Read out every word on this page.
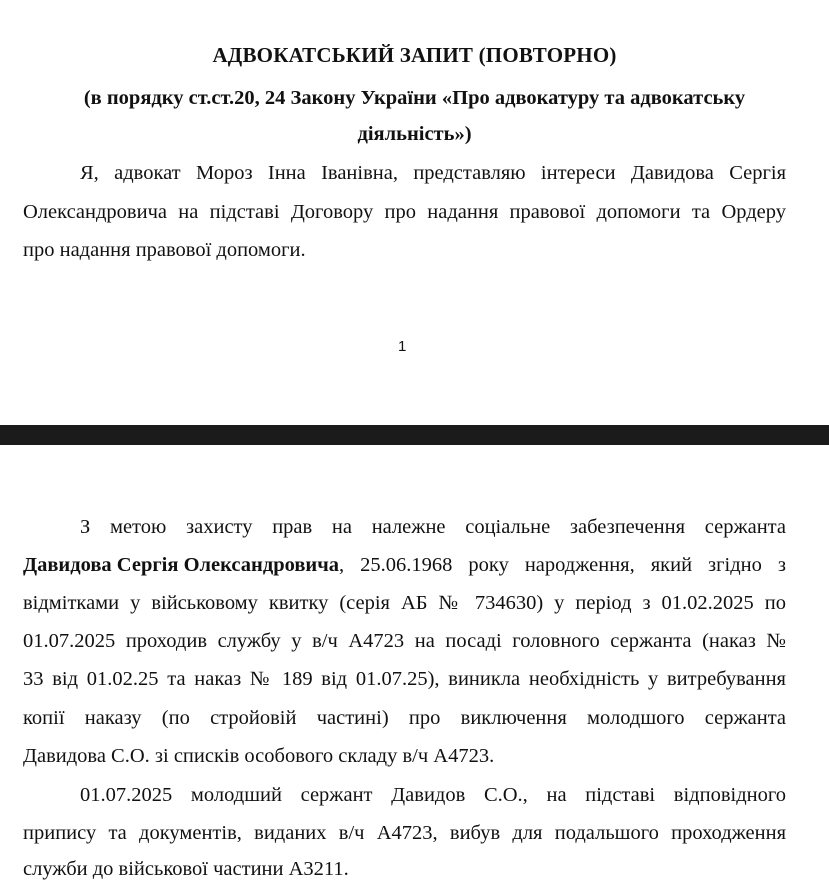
АДВОКАТСЬКИЙ ЗАПИТ (ПОВТОРНО)
(в порядку ст.ст.20, 24 Закону України «Про адвокатуру та адвокатську
діяльність»)
Я, адвокат Мороз Інна Іванівна, представляю інтереси Давидова Сергія
Олександровича на підставі Договору про надання правової допомоги та Ордеру
про надання правової допомоги.
1
З метою захисту прав на належне соціальне забезпечення сержанта
Давидова Сергія Олександровича , 25.06.1968 року народження, який згідно з
відмітками у військовому квитку (серія АБ № 734630) у період з 01.02.2025 по
01.07.2025 проходив службу у в/ч А4723 на посаді головного сержанта (наказ №
33 від 01.02.25 та наказ № 189 від 01.07.25), виникла необхідність у витребування
копії наказу (по стройовій частині) про виключення молодшого сержанта
Давидова С.О. зі списків особового складу в/ч А4723.
01.07.2025 молодший сержант Давидов С.О., на підставі відповідного
припису та документів, виданих в/ч А4723, вибув для подальшого проходження
служби до військової частини А3211.
